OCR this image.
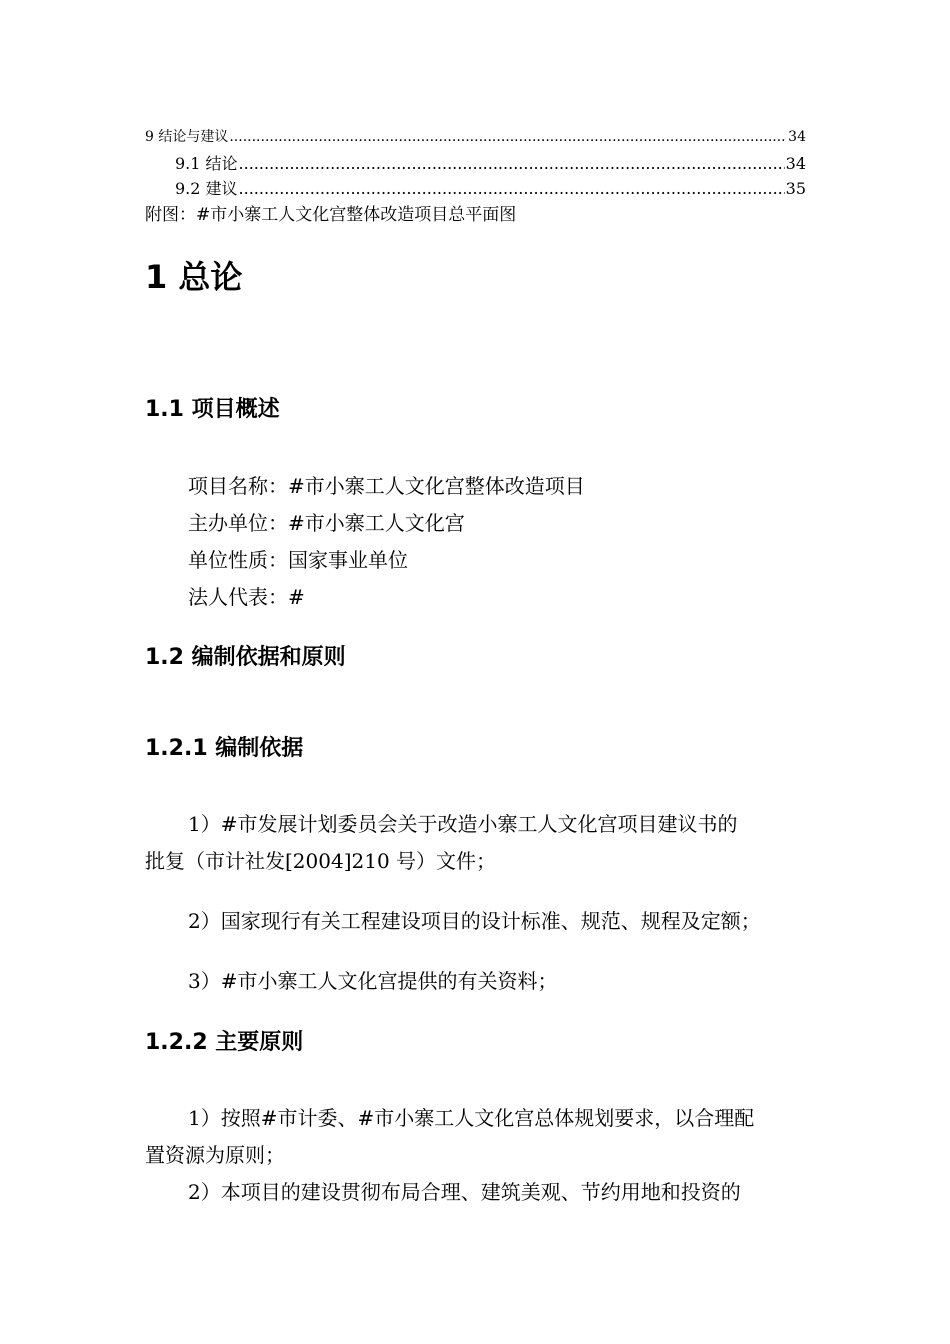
9 结论与建议 .....	34
9.1 结论 .....	34
9.2 建议 .....	35
附图：#市小寨工人文化宫整体改造项目总平面图
1 总论
1.1 项目概述
项目名称：#市小寨工人文化宫整体改造项目
主办单位：#市小寨工人文化宫
单位性质：国家事业单位
法人代表：#
1.2 编制依据和原则
1.2.1 编制依据
1）#市发展计划委员会关于改造小寨工人文化宫项目建议书的
批复（市计社发[2004]210 号）文件；
2）国家现行有关工程建设项目的设计标准、规范、规程及定额；
3）#市小寨工人文化宫提供的有关资料；
1.2.2 主要原则
1）按照#市计委、#市小寨工人文化宫总体规划要求，以合理配
置资源为原则；
2）本项目的建设贯彻布局合理、建筑美观、节约用地和投资的
